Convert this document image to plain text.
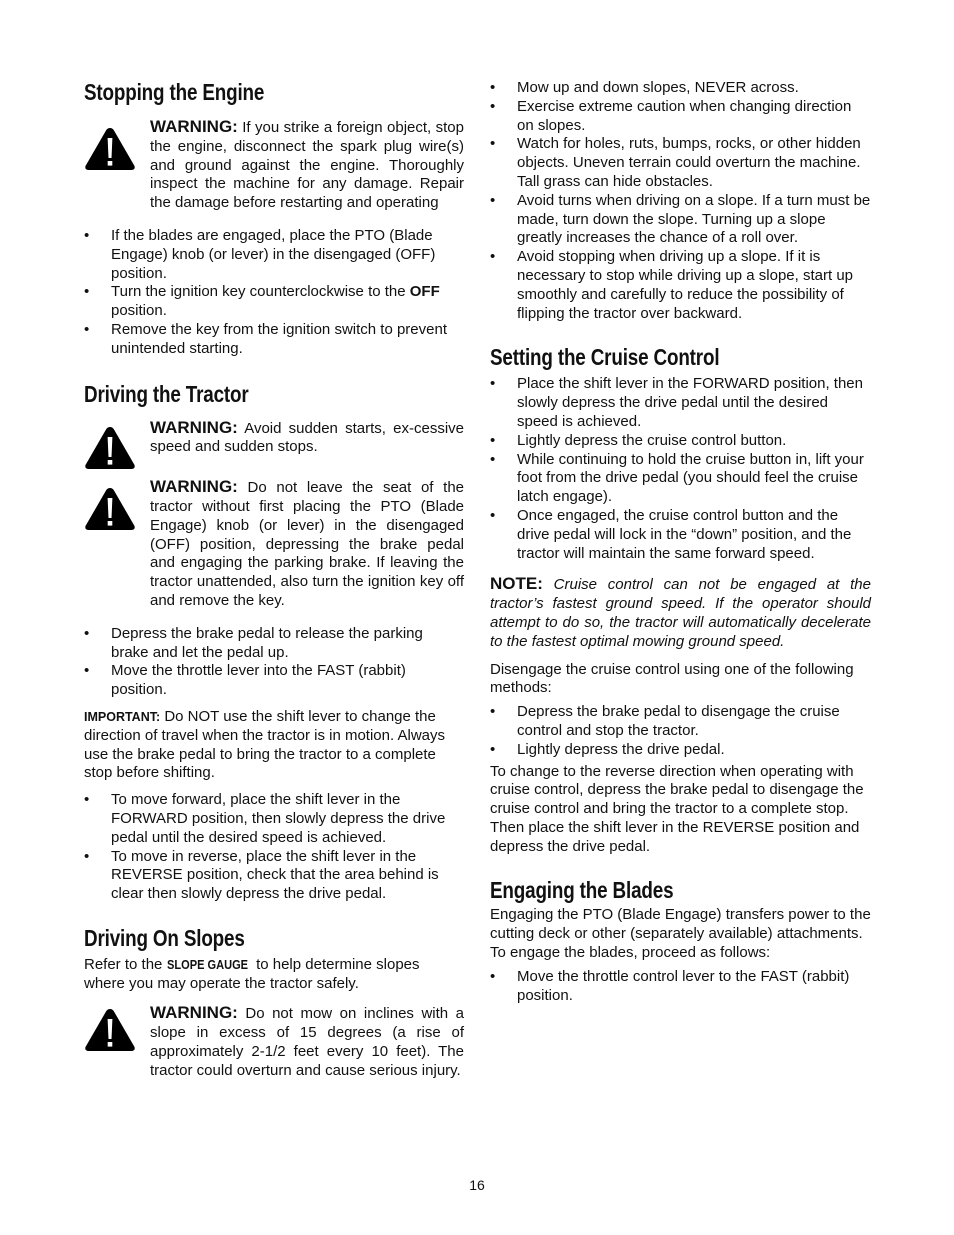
Stopping the Engine

WARNING: If you strike a foreign object, stop the engine, disconnect the spark plug wire(s) and ground against the engine. Thoroughly inspect the machine for any damage. Repair the damage before restarting and operating

• If the blades are engaged, place the PTO (Blade Engage) knob (or lever) in the disengaged (OFF) position.
• Turn the ignition key counterclockwise to the OFF position.
• Remove the key from the ignition switch to prevent unintended starting.
Driving the Tractor

WARNING: Avoid sudden starts, ex-cessive speed and sudden stops.

WARNING: Do not leave the seat of the tractor without first placing the PTO (Blade Engage) knob (or lever) in the disengaged (OFF) position, depressing the brake pedal and engaging the parking brake. If leaving the tractor unattended, also turn the ignition key off and remove the key.

• Depress the brake pedal to release the parking brake and let the pedal up.
• Move the throttle lever into the FAST (rabbit) position.

IMPORTANT: Do NOT use the shift lever to change the direction of travel when the tractor is in motion. Always use the brake pedal to bring the tractor to a complete stop before shifting.

• To move forward, place the shift lever in the FORWARD position, then slowly depress the drive pedal until the desired speed is achieved.
• To move in reverse, place the shift lever in the REVERSE position, check that the area behind is clear then slowly depress the drive pedal.
Driving On Slopes

Refer to the SLOPE GAUGE to help determine slopes where you may operate the tractor safely.

WARNING: Do not mow on inclines with a slope in excess of 15 degrees (a rise of approximately 2-1/2 feet every 10 feet). The tractor could overturn and cause serious injury.

• Mow up and down slopes, NEVER across.
• Exercise extreme caution when changing direction on slopes.
• Watch for holes, ruts, bumps, rocks, or other hidden objects. Uneven terrain could overturn the machine. Tall grass can hide obstacles.
• Avoid turns when driving on a slope. If a turn must be made, turn down the slope. Turning up a slope greatly increases the chance of a roll over.
• Avoid stopping when driving up a slope. If it is necessary to stop while driving up a slope, start up smoothly and carefully to reduce the possibility of flipping the tractor over backward.
Setting the Cruise Control
• Place the shift lever in the FORWARD position, then slowly depress the drive pedal until the desired speed is achieved.
• Lightly depress the cruise control button.
• While continuing to hold the cruise button in, lift your foot from the drive pedal (you should feel the cruise latch engage).
• Once engaged, the cruise control button and the drive pedal will lock in the “down” position, and the tractor will maintain the same forward speed.

NOTE: Cruise control can not be engaged at the tractor’s fastest ground speed. If the operator should attempt to do so, the tractor will automatically decelerate to the fastest optimal mowing ground speed.

Disengage the cruise control using one of the following methods:

• Depress the brake pedal to disengage the cruise control and stop the tractor.
• Lightly depress the drive pedal.

To change to the reverse direction when operating with cruise control, depress the brake pedal to disengage the cruise control and bring the tractor to a complete stop. Then place the shift lever in the REVERSE position and depress the drive pedal.

Engaging the Blades

Engaging the PTO (Blade Engage) transfers power to the cutting deck or other (separately available) attachments. To engage the blades, proceed as follows:

• Move the throttle control lever to the FAST (rabbit) position.
16
